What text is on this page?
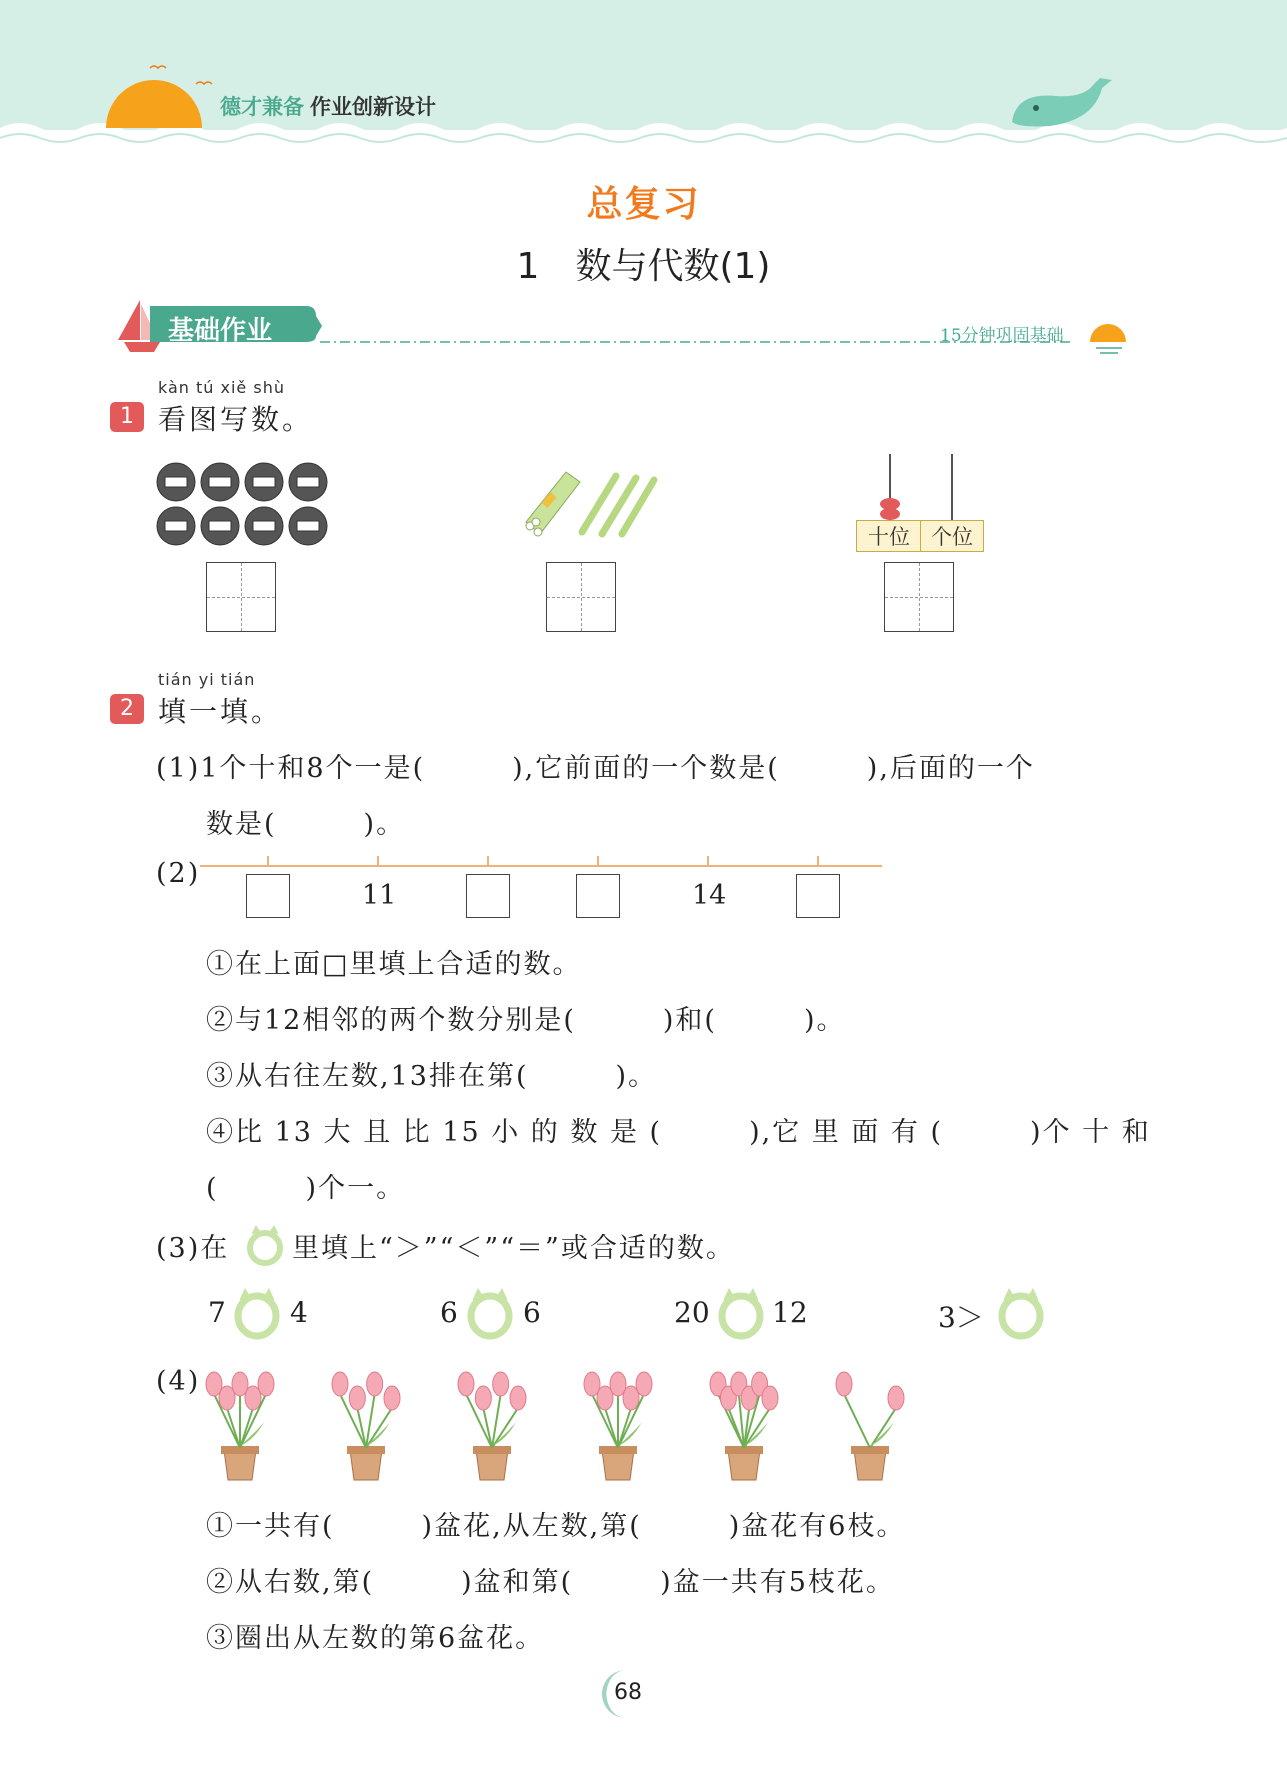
德才兼备 作业创新设计
总复习
1　数与代数(1)
基础作业	15分钟巩固基础
kàn tú xiě shù
1 看图写数。
十位	个位
tián yi tián
2 填一填。
(1)1个十和8个一是(　　　),它前面的一个数是(　　　),后面的一个
数是(　　　)。
(2)
11	14
①在上面□里填上合适的数。
②与12相邻的两个数分别是(　　　)和(　　　)。
③从右往左数,13排在第(　　　)。
④比 13 大 且 比 15 小 的 数 是 (　　　),它 里 面 有 (　　　)个 十 和
(　　　)个一。
(3)在 里填上“＞”“＜”“＝”或合适的数。
7 4	6 6	20 12	3＞
(4)
①一共有(　　　)盆花,从左数,第(　　　)盆花有6枝。
②从右数,第(　　　)盆和第(　　　)盆一共有5枝花。
③圈出从左数的第6盆花。
68
